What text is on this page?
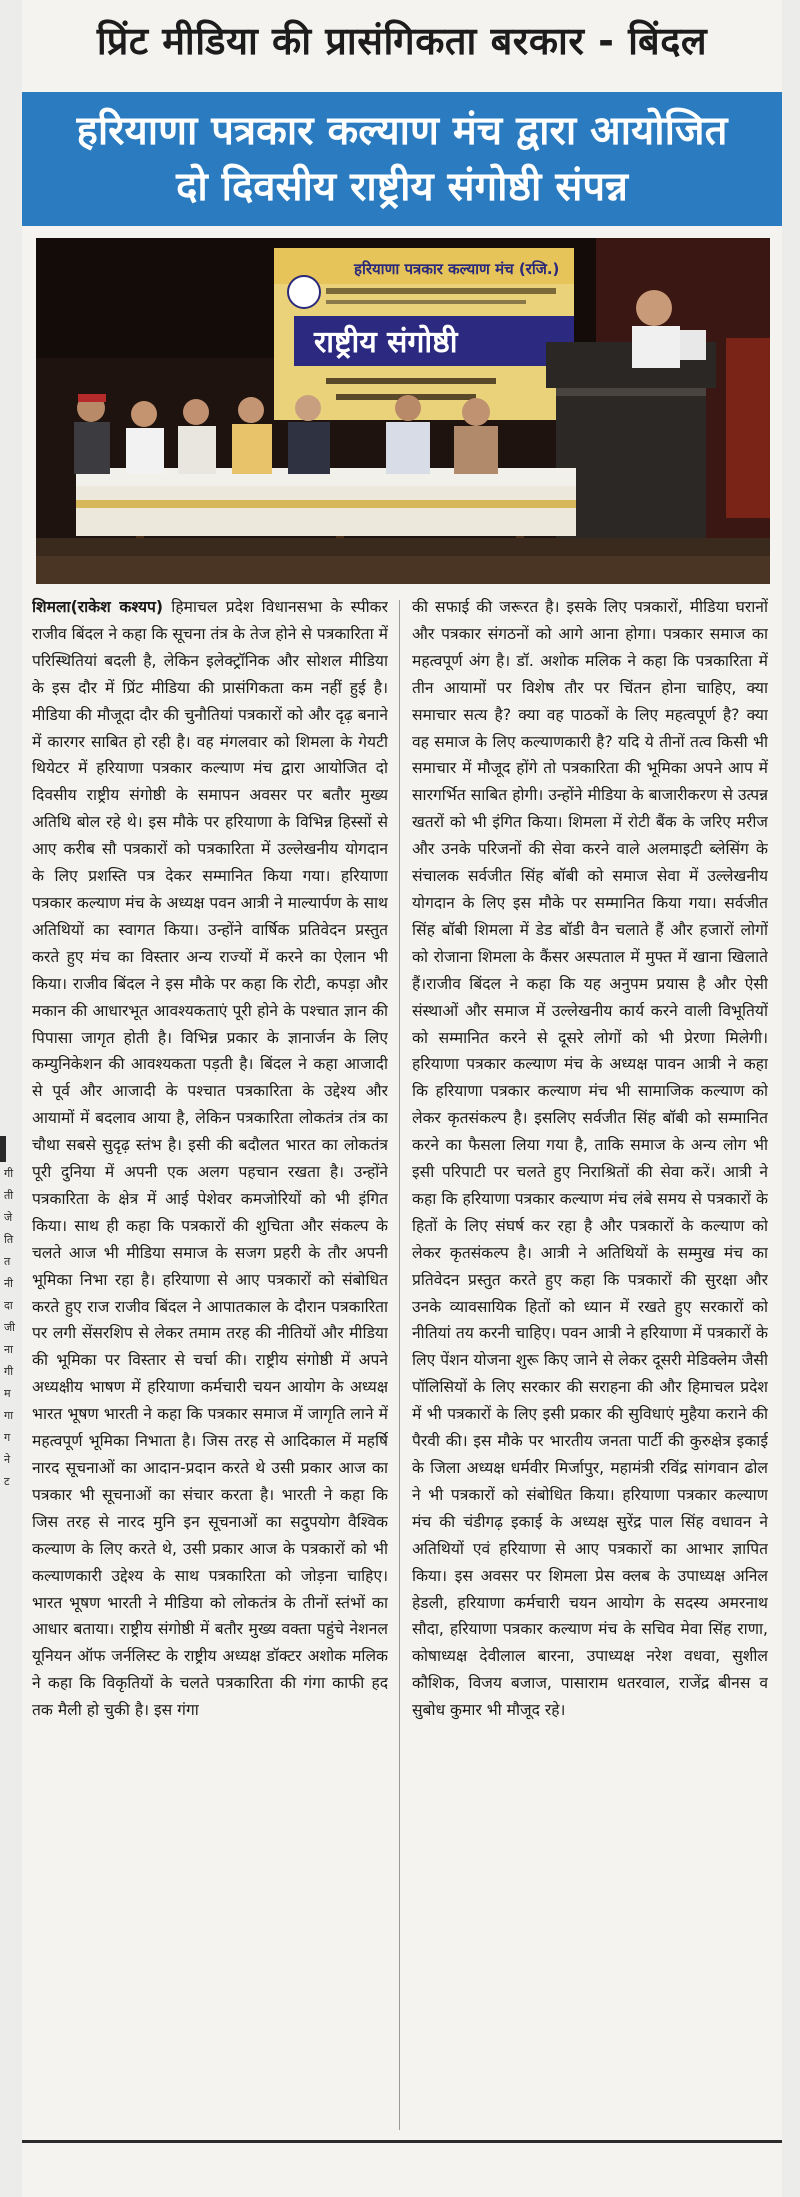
प्रिंट मीडिया की प्रासंगिकता बरकार - बिंदल
हरियाणा पत्रकार कल्याण मंच द्वारा आयोजित
दो दिवसीय राष्ट्रीय संगोष्ठी संपन्न
हरियाणा पत्रकार कल्याण मंच (रजि.)
राष्ट्रीय संगोष्ठी
शिमला(राकेश कश्यप) हिमाचल प्रदेश विधानसभा के स्पीकर राजीव बिंदल ने कहा कि सूचना तंत्र के तेज होने से पत्रकारिता में परिस्थितियां बदली है, लेकिन इलेक्ट्रॉनिक और सोशल मीडिया के इस दौर में प्रिंट मीडिया की प्रासंगिकता कम नहीं हुई है। मीडिया की मौजूदा दौर की चुनौतियां पत्रकारों को और दृढ़ बनाने में कारगर साबित हो रही है। वह मंगलवार को शिमला के गेयटी थियेटर में हरियाणा पत्रकार कल्याण मंच द्वारा आयोजित दो दिवसीय राष्ट्रीय संगोष्ठी के समापन अवसर पर बतौर मुख्य अतिथि बोल रहे थे। इस मौके पर हरियाणा के विभिन्न हिस्सों से आए करीब सौ पत्रकारों को पत्रकारिता में उल्लेखनीय योगदान के लिए प्रशस्ति पत्र देकर सम्मानित किया गया। हरियाणा पत्रकार कल्याण मंच के अध्यक्ष पवन आत्री ने माल्यार्पण के साथ अतिथियों का स्वागत किया। उन्होंने वार्षिक प्रतिवेदन प्रस्तुत करते हुए मंच का विस्तार अन्य राज्यों में करने का ऐलान भी किया। राजीव बिंदल ने इस मौके पर कहा कि रोटी, कपड़ा और मकान की आधारभूत आवश्यकताएं पूरी होने के पश्चात ज्ञान की पिपासा जागृत होती है। विभिन्न प्रकार के ज्ञानार्जन के लिए कम्युनिकेशन की आवश्यकता पड़ती है। बिंदल ने कहा आजादी से पूर्व और आजादी के पश्चात पत्रकारिता के उद्देश्य और आयामों में बदलाव आया है, लेकिन पत्रकारिता लोकतंत्र तंत्र का चौथा सबसे सुदृढ़ स्तंभ है। इसी की बदौलत भारत का लोकतंत्र पूरी दुनिया में अपनी एक अलग पहचान रखता है। उन्होंने पत्रकारिता के क्षेत्र में आई पेशेवर कमजोरियों को भी इंगित किया। साथ ही कहा कि पत्रकारों की शुचिता और संकल्प के चलते आज भी मीडिया समाज के सजग प्रहरी के तौर अपनी भूमिका निभा रहा है। हरियाणा से आए पत्रकारों को संबोधित करते हुए राज राजीव बिंदल ने आपातकाल के दौरान पत्रकारिता पर लगी सेंसरशिप से लेकर तमाम तरह की नीतियों और मीडिया की भूमिका पर विस्तार से चर्चा की। राष्ट्रीय संगोष्ठी में अपने अध्यक्षीय भाषण में हरियाणा कर्मचारी चयन आयोग के अध्यक्ष भारत भूषण भारती ने कहा कि पत्रकार समाज में जागृति लाने में महत्वपूर्ण भूमिका निभाता है। जिस तरह से आदिकाल में महर्षि नारद सूचनाओं का आदान-प्रदान करते थे उसी प्रकार आज का पत्रकार भी सूचनाओं का संचार करता है। भारती ने कहा कि जिस तरह से नारद मुनि इन सूचनाओं का सदुपयोग वैश्विक कल्याण के लिए करते थे, उसी प्रकार आज के पत्रकारों को भी कल्याणकारी उद्देश्य के साथ पत्रकारिता को जोड़ना चाहिए। भारत भूषण भारती ने मीडिया को लोकतंत्र के तीनों स्तंभों का आधार बताया। राष्ट्रीय संगोष्ठी में बतौर मुख्य वक्ता पहुंचे नेशनल यूनियन ऑफ जर्नलिस्ट के राष्ट्रीय अध्यक्ष डॉक्टर अशोक मलिक ने कहा कि विकृतियों के चलते पत्रकारिता की गंगा काफी हद तक मैली हो चुकी है। इस गंगा
की सफाई की जरूरत है। इसके लिए पत्रकारों, मीडिया घरानों और पत्रकार संगठनों को आगे आना होगा। पत्रकार समाज का महत्वपूर्ण अंग है। डॉ. अशोक मलिक ने कहा कि पत्रकारिता में तीन आयामों पर विशेष तौर पर चिंतन होना चाहिए, क्या समाचार सत्य है? क्या वह पाठकों के लिए महत्वपूर्ण है? क्या वह समाज के लिए कल्याणकारी है? यदि ये तीनों तत्व किसी भी समाचार में मौजूद होंगे तो पत्रकारिता की भूमिका अपने आप में सारगर्भित साबित होगी। उन्होंने मीडिया के बाजारीकरण से उत्पन्न खतरों को भी इंगित किया। शिमला में रोटी बैंक के जरिए मरीज और उनके परिजनों की सेवा करने वाले अलमाइटी ब्लेसिंग के संचालक सर्वजीत सिंह बॉबी को समाज सेवा में उल्लेखनीय योगदान के लिए इस मौके पर सम्मानित किया गया। सर्वजीत सिंह बॉबी शिमला में डेड बॉडी वैन चलाते हैं और हजारों लोगों को रोजाना शिमला के कैंसर अस्पताल में मुफ्त में खाना खिलाते हैं।राजीव बिंदल ने कहा कि यह अनुपम प्रयास है और ऐसी संस्थाओं और समाज में उल्लेखनीय कार्य करने वाली विभूतियों को सम्मानित करने से दूसरे लोगों को भी प्रेरणा मिलेगी। हरियाणा पत्रकार कल्याण मंच के अध्यक्ष पावन आत्री ने कहा कि हरियाणा पत्रकार कल्याण मंच भी सामाजिक कल्याण को लेकर कृतसंकल्प है। इसलिए सर्वजीत सिंह बॉबी को सम्मानित करने का फैसला लिया गया है, ताकि समाज के अन्य लोग भी इसी परिपाटी पर चलते हुए निराश्रितों की सेवा करें। आत्री ने कहा कि हरियाणा पत्रकार कल्याण मंच लंबे समय से पत्रकारों के हितों के लिए संघर्ष कर रहा है और पत्रकारों के कल्याण को लेकर कृतसंकल्प है। आत्री ने अतिथियों के सम्मुख मंच का प्रतिवेदन प्रस्तुत करते हुए कहा कि पत्रकारों की सुरक्षा और उनके व्यावसायिक हितों को ध्यान में रखते हुए सरकारों को नीतियां तय करनी चाहिए। पवन आत्री ने हरियाणा में पत्रकारों के लिए पेंशन योजना शुरू किए जाने से लेकर दूसरी मेडिक्लेम जैसी पॉलिसियों के लिए सरकार की सराहना की और हिमाचल प्रदेश में भी पत्रकारों के लिए इसी प्रकार की सुविधाएं मुहैया कराने की पैरवी की। इस मौके पर भारतीय जनता पार्टी की कुरुक्षेत्र इकाई के जिला अध्यक्ष धर्मवीर मिर्जापुर, महामंत्री रविंद्र सांगवान ढोल ने भी पत्रकारों को संबोधित किया। हरियाणा पत्रकार कल्याण मंच की चंडीगढ़ इकाई के अध्यक्ष सुरेंद्र पाल सिंह वधावन ने अतिथियों एवं हरियाणा से आए पत्रकारों का आभार ज्ञापित किया। इस अवसर पर शिमला प्रेस क्लब के उपाध्यक्ष अनिल हेडली, हरियाणा कर्मचारी चयन आयोग के सदस्य अमरनाथ सौदा, हरियाणा पत्रकार कल्याण मंच के सचिव मेवा सिंह राणा, कोषाध्यक्ष देवीलाल बारना, उपाध्यक्ष नरेश वधवा, सुशील कौशिक, विजय बजाज, पासाराम धतरवाल, राजेंद्र बीनस व सुबोध कुमार भी मौजूद रहे।
गी
ती
जे
ति
त
नी
दा
जी
ना
गी
म
गा
ग
ने
ट
